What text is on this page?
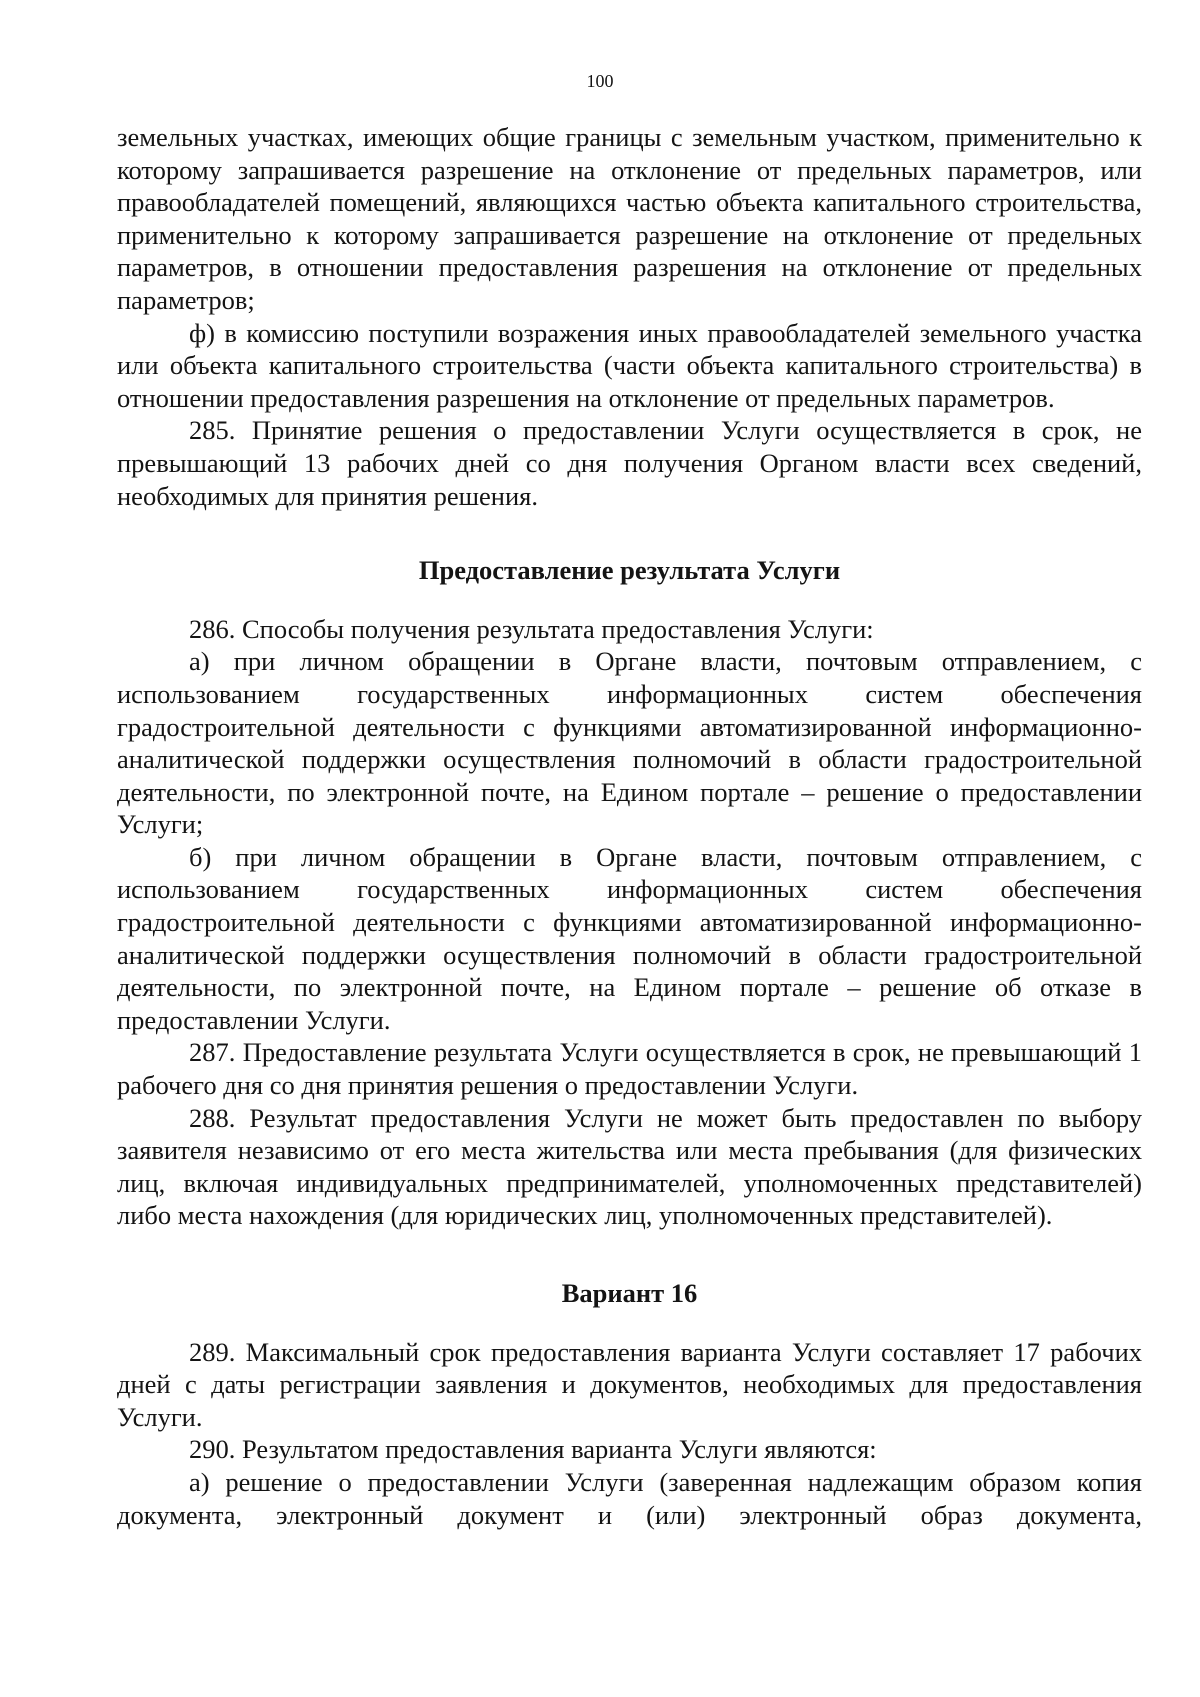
100

земельных участках, имеющих общие границы с земельным участком, применительно к которому запрашивается разрешение на отклонение от предельных параметров, или правообладателей помещений, являющихся частью объекта капитального строительства, применительно к которому запрашивается разрешение на отклонение от предельных параметров, в отношении предоставления разрешения на отклонение от предельных параметров;

ф) в комиссию поступили возражения иных правообладателей земельного участка или объекта капитального строительства (части объекта капитального строительства) в отношении предоставления разрешения на отклонение от предельных параметров.

285. Принятие решения о предоставлении Услуги осуществляется в срок, не превышающий 13 рабочих дней со дня получения Органом власти всех сведений, необходимых для принятия решения.

Предоставление результата Услуги

286. Способы получения результата предоставления Услуги:

а) при личном обращении в Органе власти, почтовым отправлением, с использованием государственных информационных систем обеспечения градостроительной деятельности с функциями автоматизированной информационно-аналитической поддержки осуществления полномочий в области градостроительной деятельности, по электронной почте, на Едином портале – решение о предоставлении Услуги;

б) при личном обращении в Органе власти, почтовым отправлением, с использованием государственных информационных систем обеспечения градостроительной деятельности с функциями автоматизированной информационно-аналитической поддержки осуществления полномочий в области градостроительной деятельности, по электронной почте, на Едином портале – решение об отказе в предоставлении Услуги.

287. Предоставление результата Услуги осуществляется в срок, не превышающий 1 рабочего дня со дня принятия решения о предоставлении Услуги.

288. Результат предоставления Услуги не может быть предоставлен по выбору заявителя независимо от его места жительства или места пребывания (для физических лиц, включая индивидуальных предпринимателей, уполномоченных представителей) либо места нахождения (для юридических лиц, уполномоченных представителей).

Вариант 16

289. Максимальный срок предоставления варианта Услуги составляет 17 рабочих дней с даты регистрации заявления и документов, необходимых для предоставления Услуги.

290. Результатом предоставления варианта Услуги являются:

а) решение о предоставлении Услуги (заверенная надлежащим образом копия документа, электронный документ и (или) электронный образ документа,
